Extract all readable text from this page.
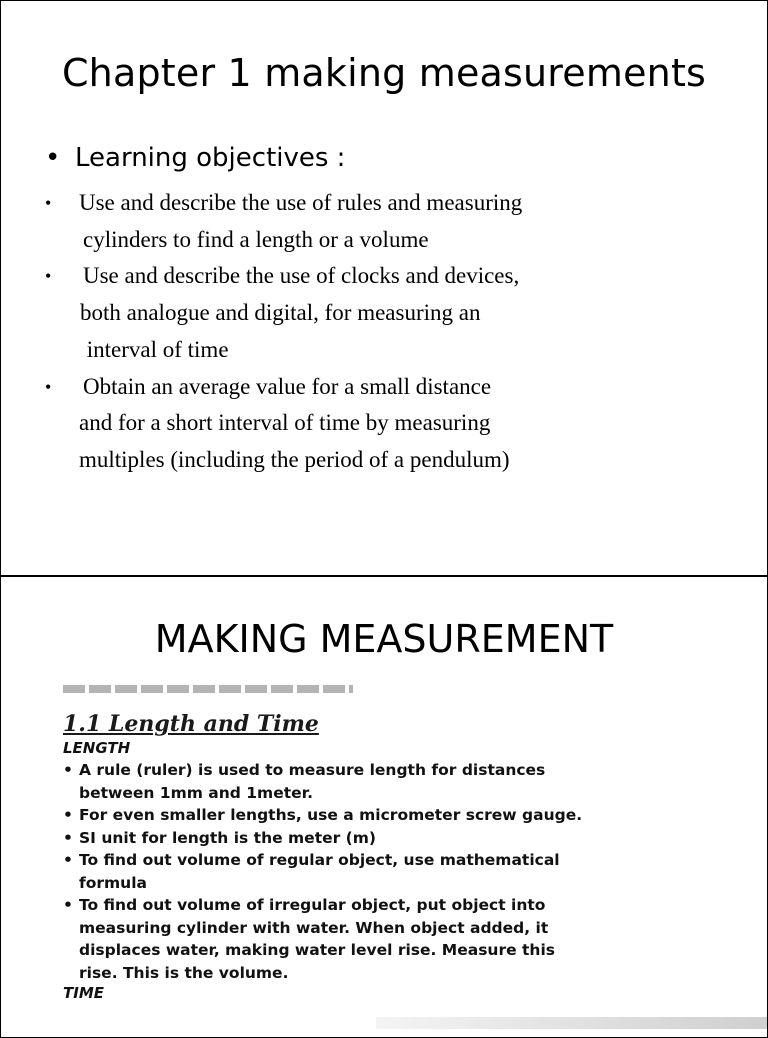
Chapter 1 making measurements
• Learning objectives :
• Use and describe the use of rules and measuring
cylinders to find a length or a volume
• Use and describe the use of clocks and devices,
both analogue and digital, for measuring an
interval of time
• Obtain an average value for a small distance
and for a short interval of time by measuring
multiples (including the period of a pendulum)
MAKING MEASUREMENT
1.1 Length and Time
LENGTH
• A rule (ruler) is used to measure length for distances
between 1mm and 1meter.
• For even smaller lengths, use a micrometer screw gauge.
• SI unit for length is the meter (m)
• To find out volume of regular object, use mathematical
formula
• To find out volume of irregular object, put object into
measuring cylinder with water. When object added, it
displaces water, making water level rise. Measure this
rise. This is the volume.
TIME
